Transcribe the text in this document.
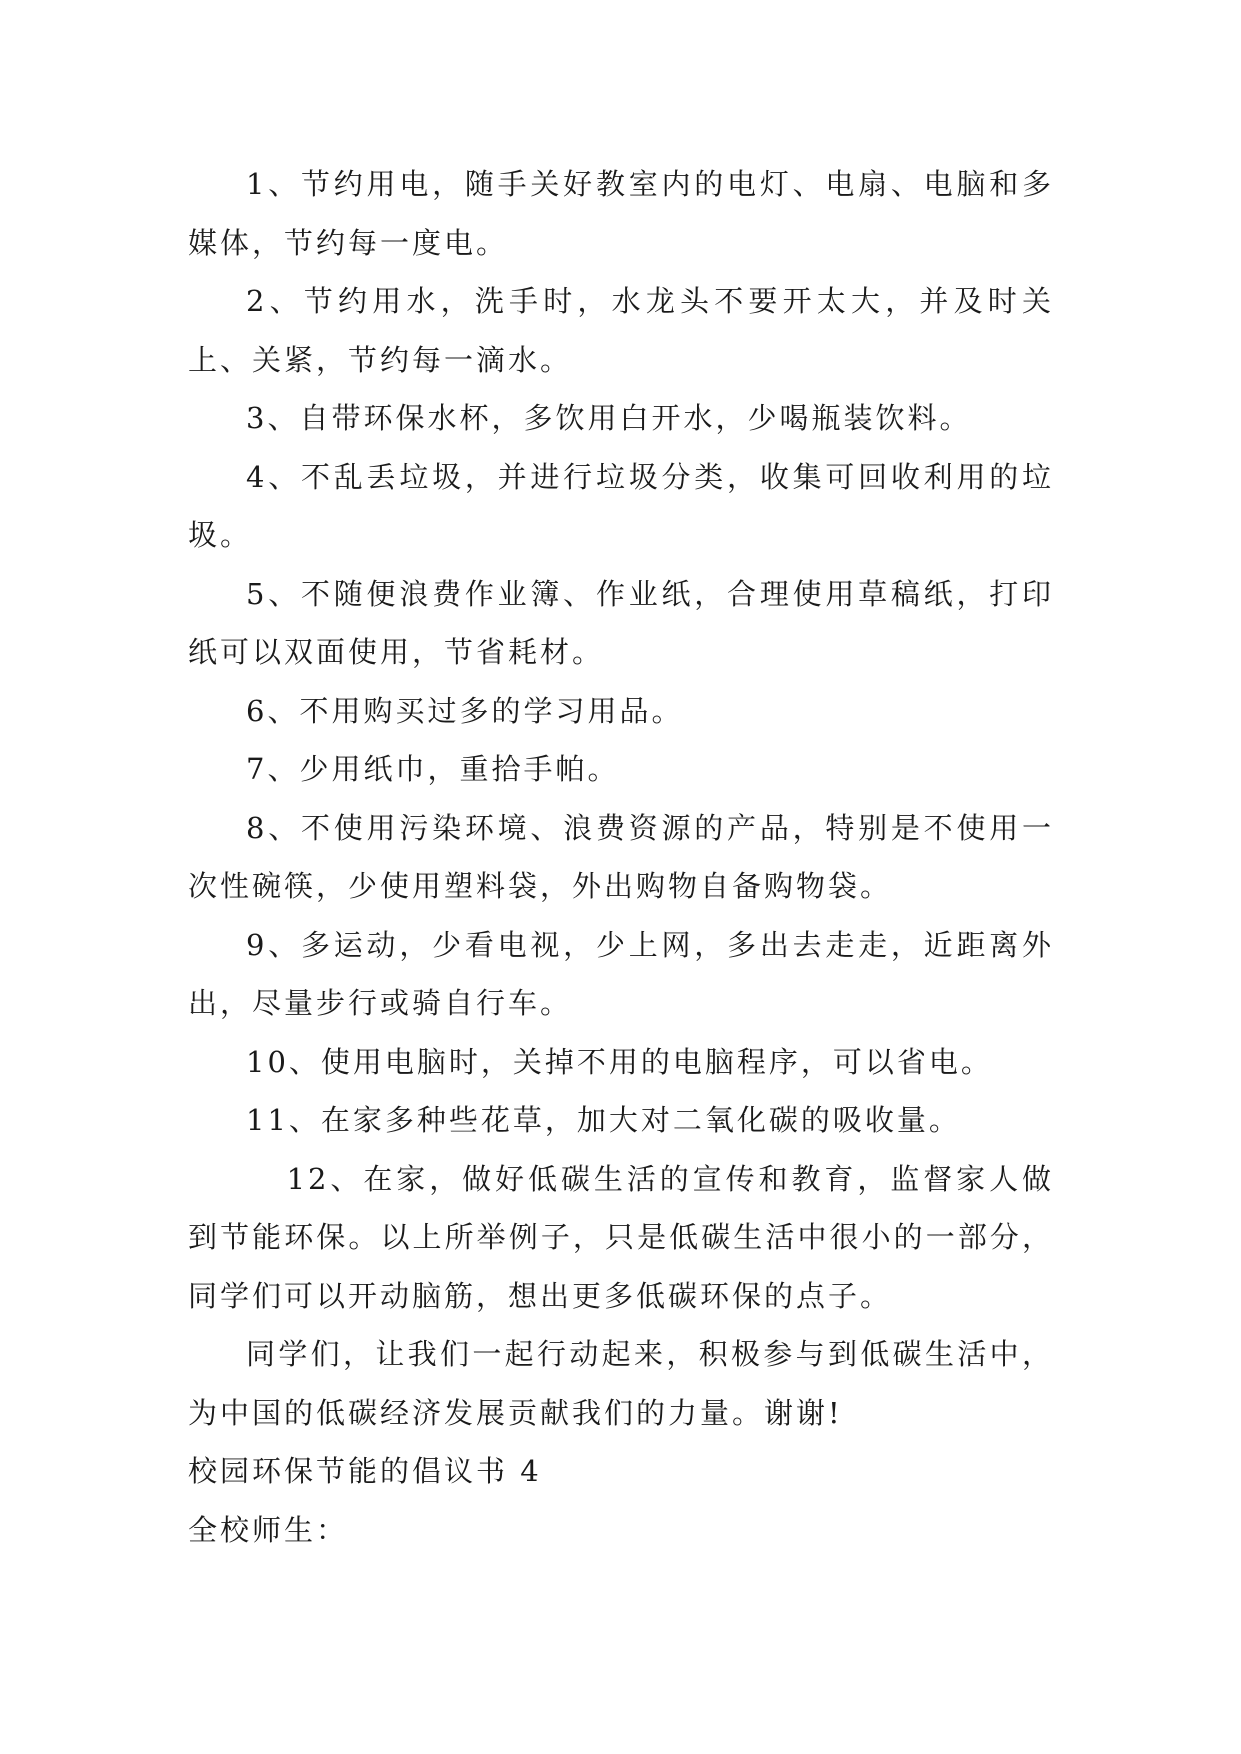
1、节约用电，随手关好教室内的电灯、电扇、电脑和多媒体，节约每一度电。

2、节约用水，洗手时，水龙头不要开太大，并及时关上、关紧，节约每一滴水。

3、自带环保水杯，多饮用白开水，少喝瓶装饮料。

4、不乱丢垃圾，并进行垃圾分类，收集可回收利用的垃圾。

5、不随便浪费作业簿、作业纸，合理使用草稿纸，打印纸可以双面使用，节省耗材。

6、不用购买过多的学习用品。

7、少用纸巾，重拾手帕。

8、不使用污染环境、浪费资源的产品，特别是不使用一次性碗筷，少使用塑料袋，外出购物自备购物袋。

9、多运动，少看电视，少上网，多出去走走，近距离外出，尽量步行或骑自行车。

10、使用电脑时，关掉不用的电脑程序，可以省电。

11、在家多种些花草，加大对二氧化碳的吸收量。

12、在家，做好低碳生活的宣传和教育，监督家人做到节能环保。以上所举例子，只是低碳生活中很小的一部分，同学们可以开动脑筋，想出更多低碳环保的点子。

同学们，让我们一起行动起来，积极参与到低碳生活中，为中国的低碳经济发展贡献我们的力量。谢谢!

校园环保节能的倡议书 4

全校师生：
